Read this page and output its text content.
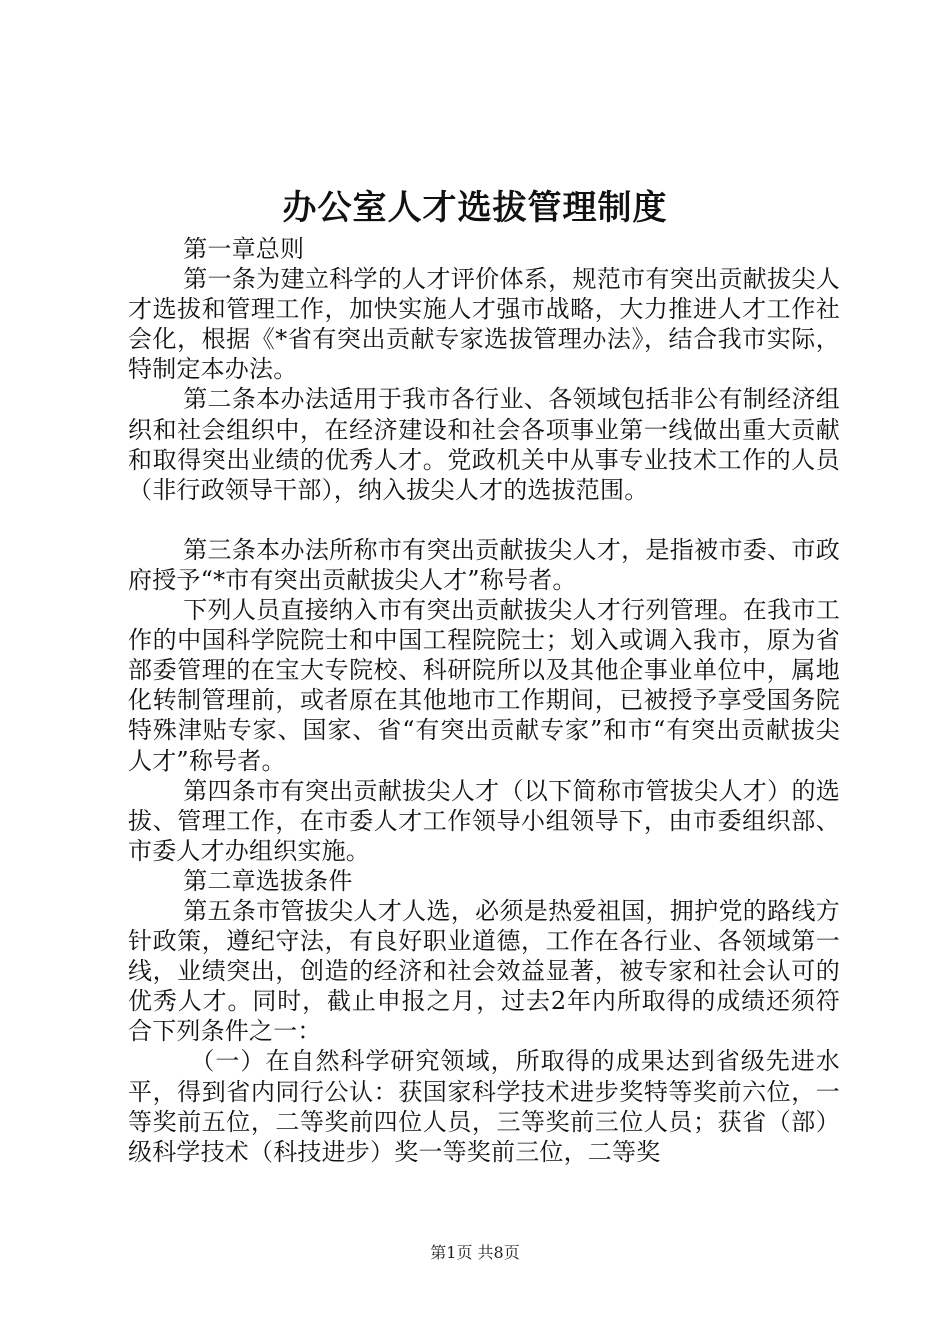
办公室人才选拔管理制度

第一章总则

第一条为建立科学的人才评价体系，规范市有突出贡献拔尖人才选拔和管理工作，加快实施人才强市战略，大力推进人才工作社会化，根据《*省有突出贡献专家选拔管理办法》，结合我市实际，特制定本办法。

第二条本办法适用于我市各行业、各领域包括非公有制经济组织和社会组织中，在经济建设和社会各项事业第一线做出重大贡献和取得突出业绩的优秀人才。党政机关中从事专业技术工作的人员（非行政领导干部），纳入拔尖人才的选拔范围。

第三条本办法所称市有突出贡献拔尖人才，是指被市委、市政府授予“*市有突出贡献拔尖人才”称号者。

下列人员直接纳入市有突出贡献拔尖人才行列管理。在我市工作的中国科学院院士和中国工程院院士；划入或调入我市，原为省部委管理的在宝大专院校、科研院所以及其他企事业单位中，属地化转制管理前，或者原在其他地市工作期间，已被授予享受国务院特殊津贴专家、国家、省“有突出贡献专家”和市“有突出贡献拔尖人才”称号者。

第四条市有突出贡献拔尖人才（以下简称市管拔尖人才）的选拔、管理工作，在市委人才工作领导小组领导下，由市委组织部、市委人才办组织实施。

第二章选拔条件

第五条市管拔尖人才人选，必须是热爱祖国，拥护党的路线方针政策，遵纪守法，有良好职业道德，工作在各行业、各领域第一线，业绩突出，创造的经济和社会效益显著，被专家和社会认可的优秀人才。同时，截止申报之月，过去2年内所取得的成绩还须符合下列条件之一：

（一）在自然科学研究领域，所取得的成果达到省级先进水平，得到省内同行公认：获国家科学技术进步奖特等奖前六位，一等奖前五位，二等奖前四位人员，三等奖前三位人员；获省（部）级科学技术（科技进步）奖一等奖前三位，二等奖

第1页 共8页
